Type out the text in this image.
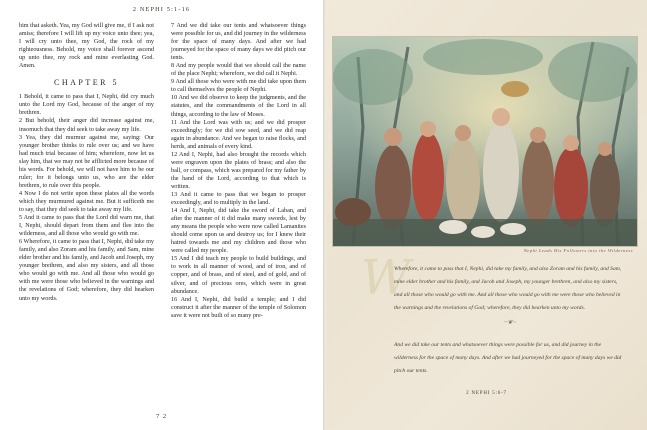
2 NEPHI 5:1-16

him that asketh. Yea, my God will give me, if I ask not amiss; therefore I will lift up my voice unto thee; yea, I will cry unto thee, my God, the rock of my righteousness. Behold, my voice shall forever ascend up unto thee, my rock and mine everlasting God. Amen.

CHAPTER 5

1 Behold, it came to pass that I, Nephi, did cry much unto the Lord my God, because of the anger of my brethren.

2 But behold, their anger did increase against me, insomuch that they did seek to take away my life.

3 Yea, they did murmur against me, saying: Our younger brother thinks to rule over us; and we have had much trial because of him; wherefore, now let us slay him, that we may not be afflicted more because of his words. For behold, we will not have him to be our ruler; for it belongs unto us, who are the elder brethren, to rule over this people.

4 Now I do not write upon these plates all the words which they murmured against me. But it sufficeth me to say, that they did seek to take away my life.

5 And it came to pass that the Lord did warn me, that I, Nephi, should depart from them and flee into the wilderness, and all those who would go with me.

6 Wherefore, it came to pass that I, Nephi, did take my family, and also Zoram and his family, and Sam, mine elder brother and his family, and Jacob and Joseph, my younger brethren, and also my sisters, and all those who would go with me. And all those who would go with me were those who believed in the warnings and the revelations of God; wherefore, they did hearken unto my words.

7 And we did take our tents and whatsoever things were possible for us, and did journey in the wilderness for the space of many days. And after we had journeyed for the space of many days we did pitch our tents.

8 And my people would that we should call the name of the place Nephi; wherefore, we did call it Nephi.

9 And all those who were with me did take upon them to call themselves the people of Nephi.

10 And we did observe to keep the judgments, and the statutes, and the commandments of the Lord in all things, according to the law of Moses.

11 And the Lord was with us; and we did prosper exceedingly; for we did sow seed, and we did reap again in abundance. And we began to raise flocks, and herds, and animals of every kind.

12 And I, Nephi, had also brought the records which were engraven upon the plates of brass; and also the ball, or compass, which was prepared for my father by the hand of the Lord, according to that which is written.

13 And it came to pass that we began to prosper exceedingly, and to multiply in the land.

14 And I, Nephi, did take the sword of Laban, and after the manner of it did make many swords, lest by any means the people who were now called Lamanites should come upon us and destroy us; for I knew their hatred towards me and my children and those who were called my people.

15 And I did teach my people to build buildings, and to work in all manner of wood, and of iron, and of copper, and of brass, and of steel, and of gold, and of silver, and of precious ores, which were in great abundance.

16 And I, Nephi, did build a temple; and I did construct it after the manner of the temple of Solomon save it were not built of so many pre-

7 2
Nephi Leads His Followers into the Wilderness
W

Wherefore, it came to pass that I, Nephi, did take my family, and also Zoram and his family, and Sam, mine elder brother and his family, and Jacob and Joseph, my younger brethren, and also my sisters, and all those who would go with me. And all those who would go with me were those who believed in the warnings and the revelations of God; wherefore, they did hearken unto my words.

~❦~

And we did take our tents and whatsoever things were possible for us, and did journey in the wilderness for the space of many days. And after we had journeyed for the space of many days we did pitch our tents.

2 NEPHI 5:6-7
